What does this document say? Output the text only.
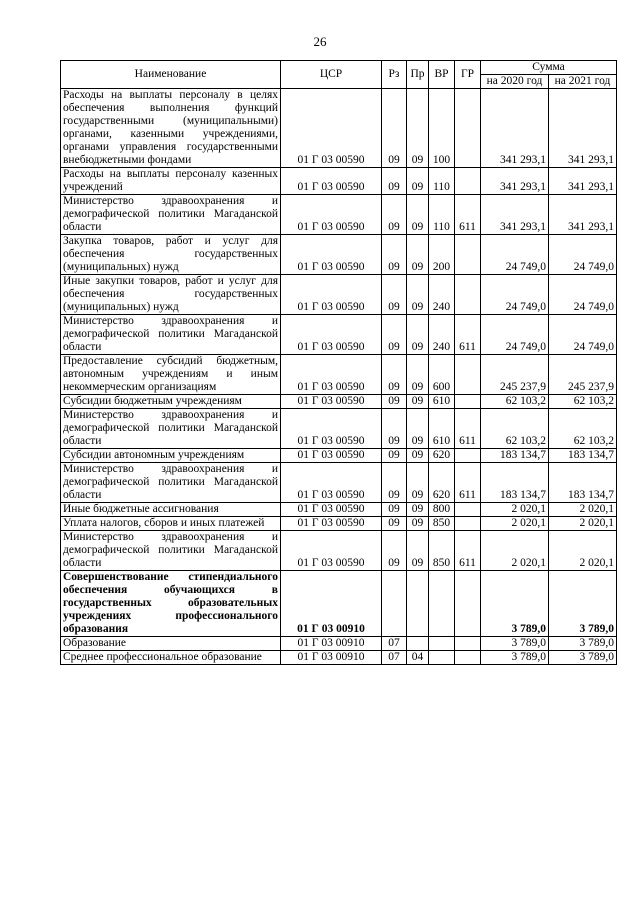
26
Наименование	ЦСР	Рз	Пр	ВР	ГР	Сумма	
						на 2020 год	на 2021 год
Расходы на выплаты персоналу в целях обеспечения выполнения функций государственными (муниципальными) органами, казенными учреждениями, органами управления государственными внебюджетными фондами	01 Г 03 00590	09	09	100		341 293,1	341 293,1
Расходы на выплаты персоналу казенных учреждений	01 Г 03 00590	09	09	110		341 293,1	341 293,1
Министерство здравоохранения и демографической политики Магаданской области	01 Г 03 00590	09	09	110	611	341 293,1	341 293,1
Закупка товаров, работ и услуг для обеспечения государственных (муниципальных) нужд	01 Г 03 00590	09	09	200		24 749,0	24 749,0
Иные закупки товаров, работ и услуг для обеспечения государственных (муниципальных) нужд	01 Г 03 00590	09	09	240		24 749,0	24 749,0
Министерство здравоохранения и демографической политики Магаданской области	01 Г 03 00590	09	09	240	611	24 749,0	24 749,0
Предоставление субсидий бюджетным, автономным учреждениям и иным некоммерческим организациям	01 Г 03 00590	09	09	600		245 237,9	245 237,9
Субсидии бюджетным учреждениям	01 Г 03 00590	09	09	610		62 103,2	62 103,2
Министерство здравоохранения и демографической политики Магаданской области	01 Г 03 00590	09	09	610	611	62 103,2	62 103,2
Субсидии автономным учреждениям	01 Г 03 00590	09	09	620		183 134,7	183 134,7
Министерство здравоохранения и демографической политики Магаданской области	01 Г 03 00590	09	09	620	611	183 134,7	183 134,7
Иные бюджетные ассигнования	01 Г 03 00590	09	09	800		2 020,1	2 020,1
Уплата налогов, сборов и иных платежей	01 Г 03 00590	09	09	850		2 020,1	2 020,1
Министерство здравоохранения и демографической политики Магаданской области	01 Г 03 00590	09	09	850	611	2 020,1	2 020,1
Совершенствование стипендиального обеспечения обучающихся в государственных образовательных учреждениях профессионального образования	01 Г 03 00910					3 789,0	3 789,0
Образование	01 Г 03 00910	07				3 789,0	3 789,0
Среднее профессиональное образование	01 Г 03 00910	07	04			3 789,0	3 789,0
